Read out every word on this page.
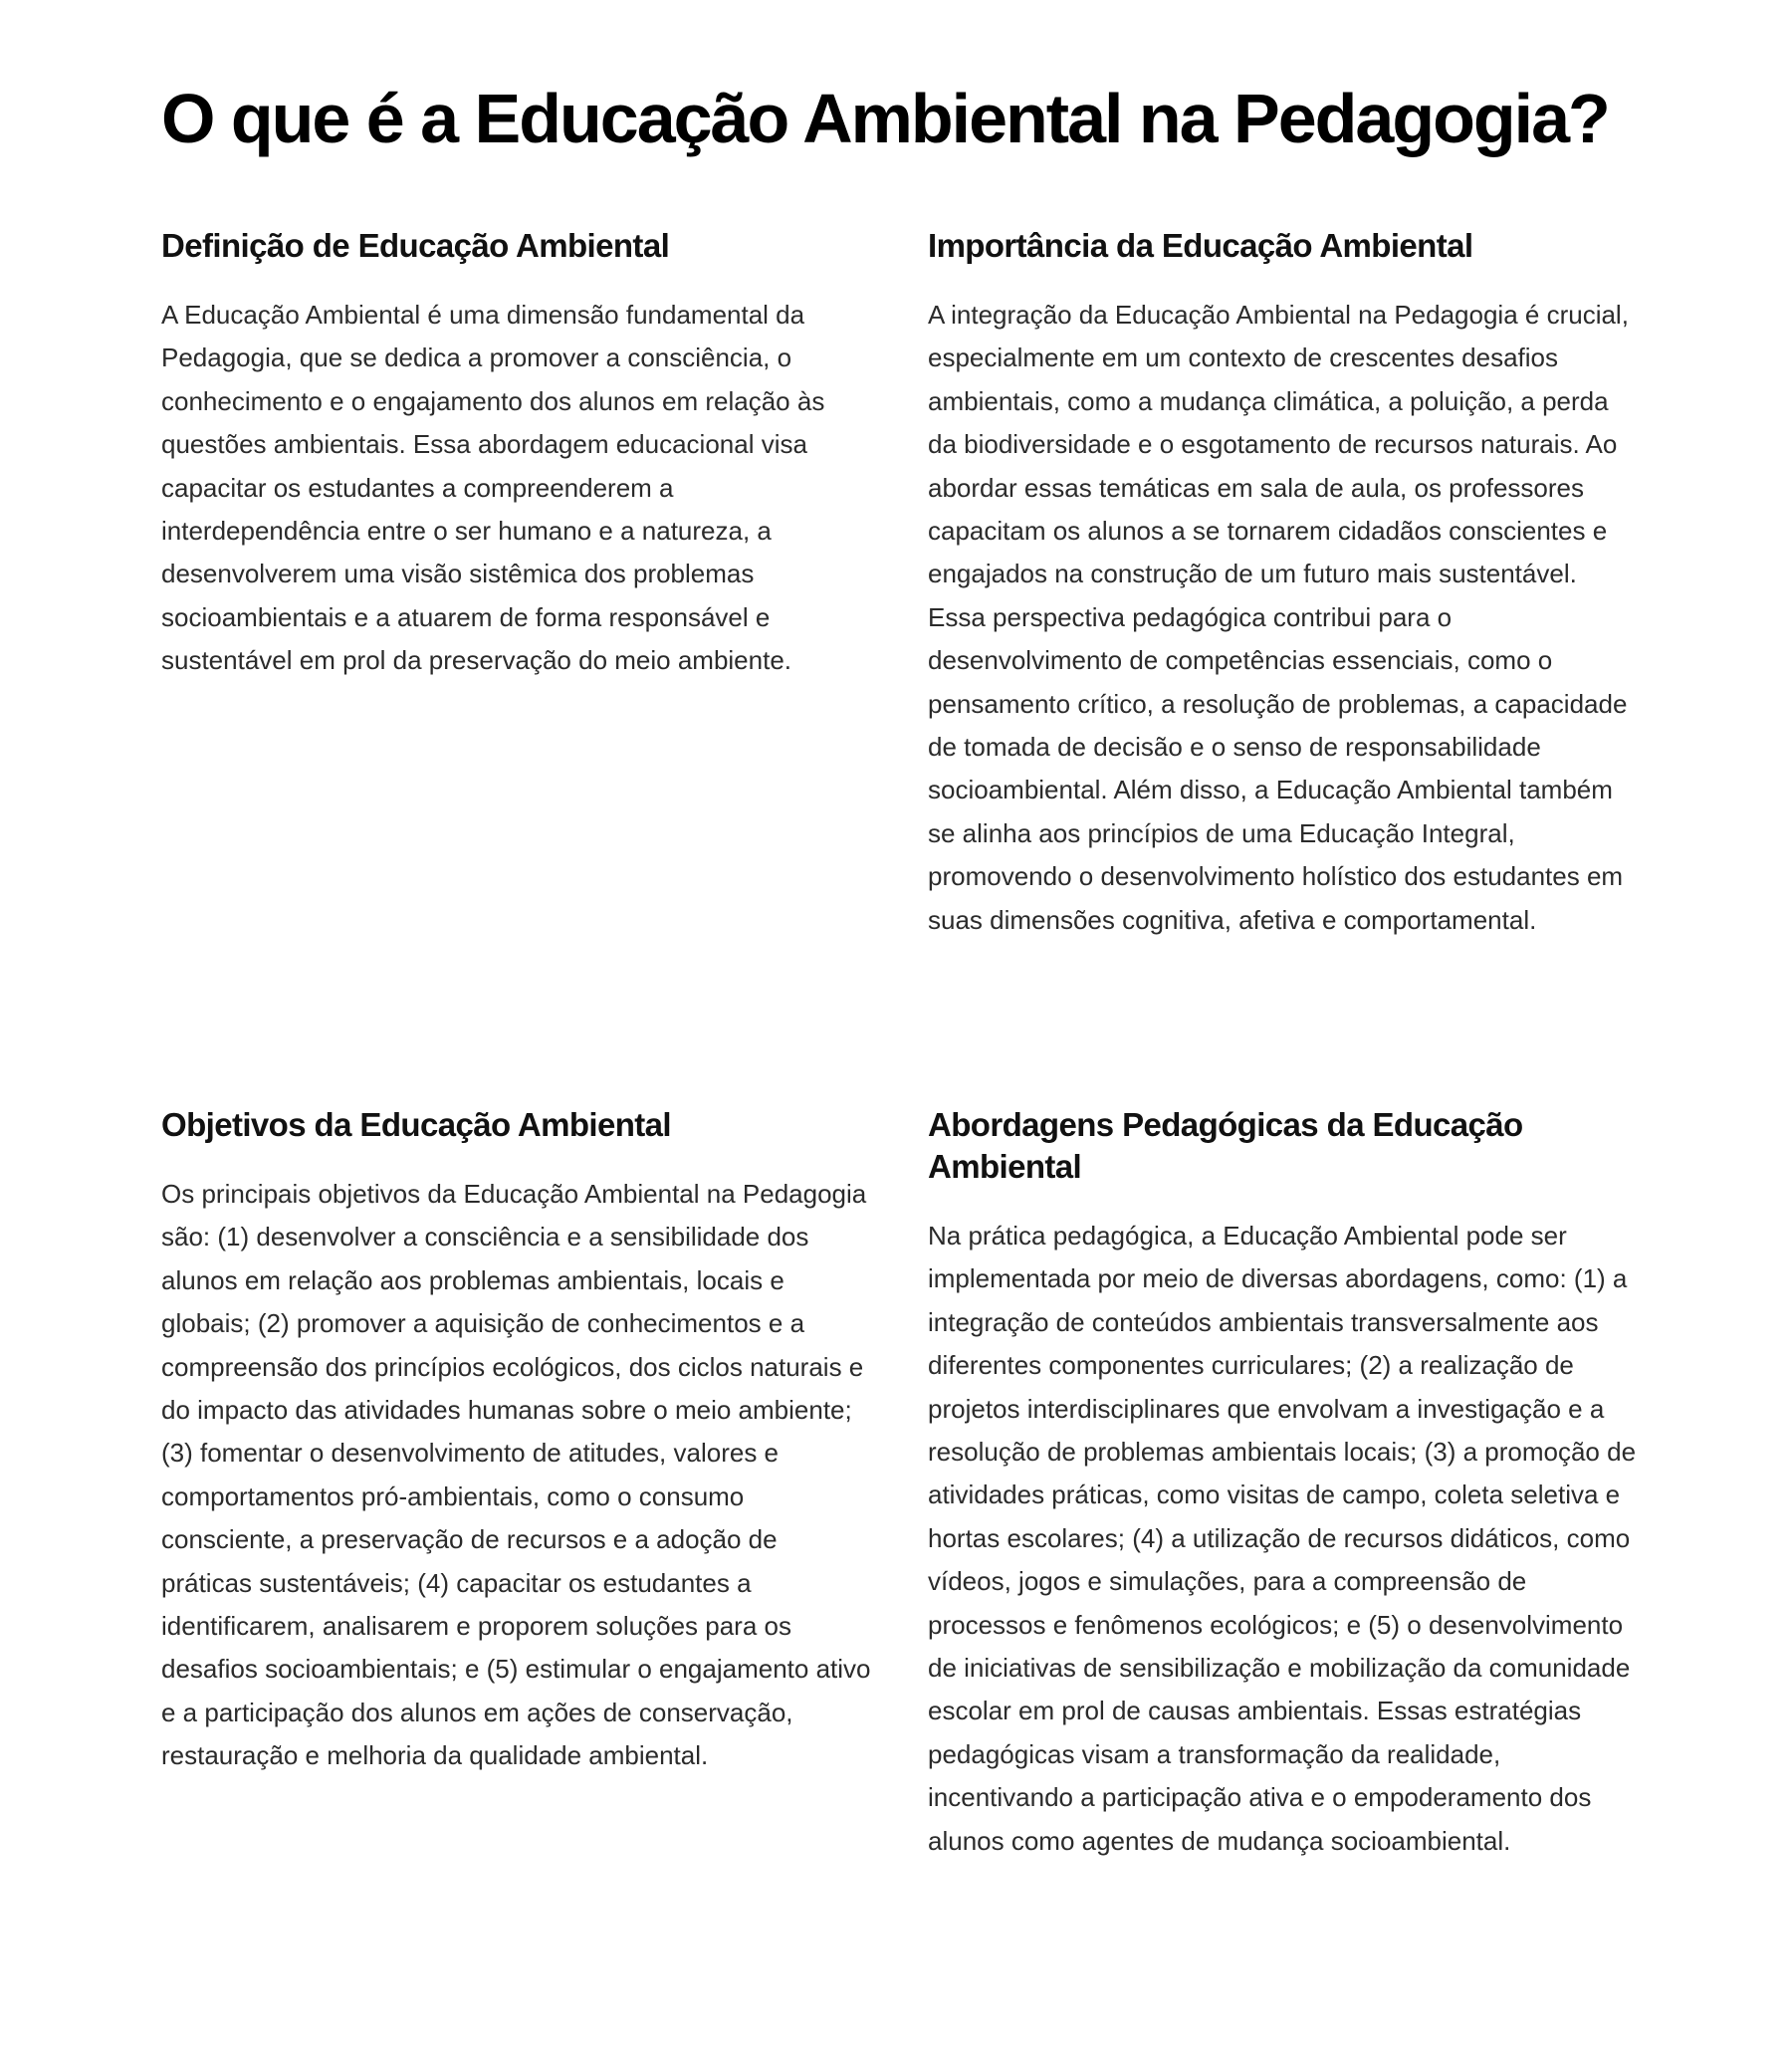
O que é a Educação Ambiental na Pedagogia?
Definição de Educação Ambiental

A Educação Ambiental é uma dimensão fundamental da Pedagogia, que se dedica a promover a consciência, o conhecimento e o engajamento dos alunos em relação às questões ambientais. Essa abordagem educacional visa capacitar os estudantes a compreenderem a interdependência entre o ser humano e a natureza, a desenvolverem uma visão sistêmica dos problemas socioambientais e a atuarem de forma responsável e sustentável em prol da preservação do meio ambiente.

Importância da Educação Ambiental

A integração da Educação Ambiental na Pedagogia é crucial, especialmente em um contexto de crescentes desafios ambientais, como a mudança climática, a poluição, a perda da biodiversidade e o esgotamento de recursos naturais. Ao abordar essas temáticas em sala de aula, os professores capacitam os alunos a se tornarem cidadãos conscientes e engajados na construção de um futuro mais sustentável. Essa perspectiva pedagógica contribui para o desenvolvimento de competências essenciais, como o pensamento crítico, a resolução de problemas, a capacidade de tomada de decisão e o senso de responsabilidade socioambiental. Além disso, a Educação Ambiental também se alinha aos princípios de uma Educação Integral, promovendo o desenvolvimento holístico dos estudantes em suas dimensões cognitiva, afetiva e comportamental.

Objetivos da Educação Ambiental

Os principais objetivos da Educação Ambiental na Pedagogia são: (1) desenvolver a consciência e a sensibilidade dos alunos em relação aos problemas ambientais, locais e globais; (2) promover a aquisição de conhecimentos e a compreensão dos princípios ecológicos, dos ciclos naturais e do impacto das atividades humanas sobre o meio ambiente; (3) fomentar o desenvolvimento de atitudes, valores e comportamentos pró-ambientais, como o consumo consciente, a preservação de recursos e a adoção de práticas sustentáveis; (4) capacitar os estudantes a identificarem, analisarem e proporem soluções para os desafios socioambientais; e (5) estimular o engajamento ativo e a participação dos alunos em ações de conservação, restauração e melhoria da qualidade ambiental.

Abordagens Pedagógicas da Educação Ambiental

Na prática pedagógica, a Educação Ambiental pode ser implementada por meio de diversas abordagens, como: (1) a integração de conteúdos ambientais transversalmente aos diferentes componentes curriculares; (2) a realização de projetos interdisciplinares que envolvam a investigação e a resolução de problemas ambientais locais; (3) a promoção de atividades práticas, como visitas de campo, coleta seletiva e hortas escolares; (4) a utilização de recursos didáticos, como vídeos, jogos e simulações, para a compreensão de processos e fenômenos ecológicos; e (5) o desenvolvimento de iniciativas de sensibilização e mobilização da comunidade escolar em prol de causas ambientais. Essas estratégias pedagógicas visam a transformação da realidade, incentivando a participação ativa e o empoderamento dos alunos como agentes de mudança socioambiental.
